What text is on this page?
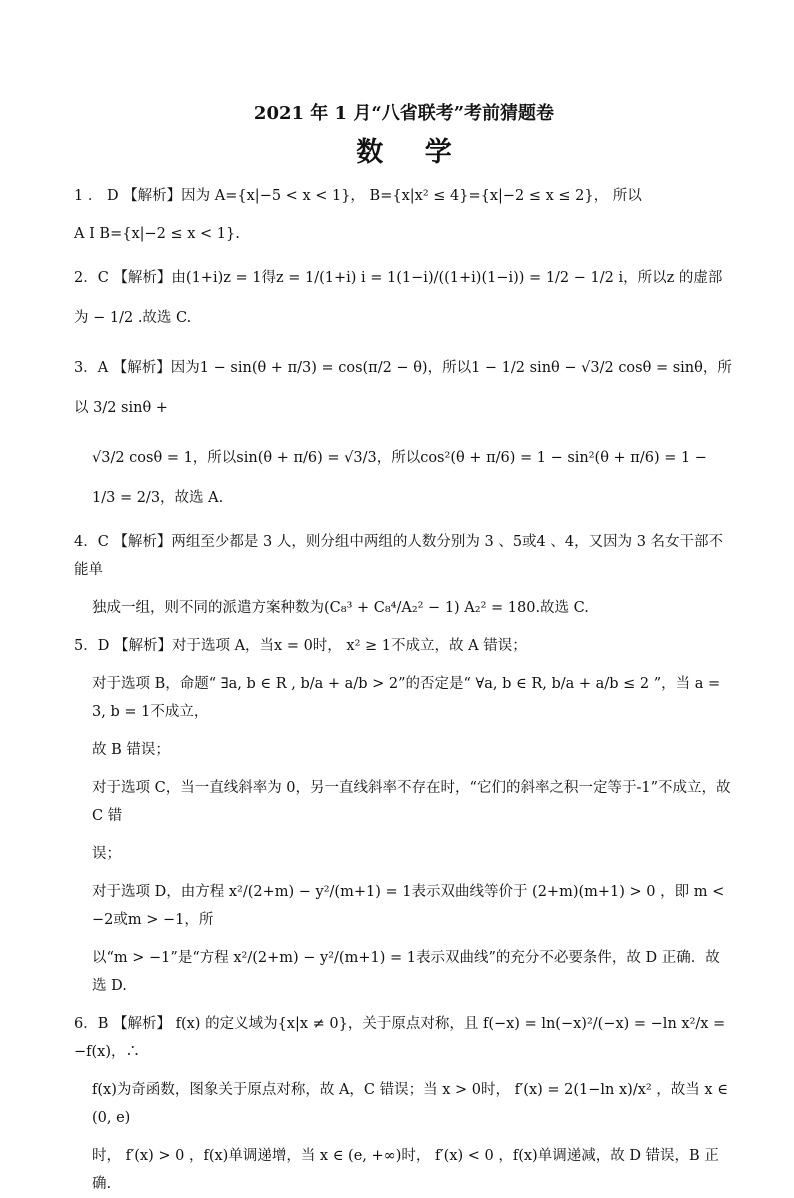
2021 年 1 月“八省联考”考前猜题卷
数 学
1 ． D 【解析】因为 A={x|−5 < x < 1}， B={x|x² ≤ 4}={x|−2 ≤ x ≤ 2}， 所以
A I B={x|−2 ≤ x < 1}.
2．C 【解析】由(1+i)z = 1得z = 1/(1+i) i = 1(1−i)/((1+i)(1−i)) = 1/2 − 1/2 i，所以z 的虚部为 − 1/2 .故选 C.
3．A 【解析】因为1 − sin(θ + π/3) = cos(π/2 − θ)，所以1 − 1/2 sinθ − √3/2 cosθ = sinθ，所以 3/2 sinθ +
√3/2 cosθ = 1，所以sin(θ + π/6) = √3/3，所以cos²(θ + π/6) = 1 − sin²(θ + π/6) = 1 − 1/3 = 2/3，故选 A.
4．C 【解析】两组至少都是 3 人，则分组中两组的人数分别为 3 、5或4 、4，又因为 3 名女干部不能单
独成一组，则不同的派遣方案种数为(C₈³ + C₈⁴/A₂² − 1) A₂² = 180.故选 C.
5．D 【解析】对于选项 A，当x = 0时， x² ≥ 1不成立，故 A 错误；
对于选项 B，命题“ ∃a, b ∈ R , b/a + a/b > 2”的否定是“ ∀a, b ∈ R, b/a + a/b ≤ 2 ”，当 a = 3, b = 1不成立，
故 B 错误；
对于选项 C，当一直线斜率为 0，另一直线斜率不存在时，“它们的斜率之积一定等于-1”不成立，故 C 错
误；
对于选项 D，由方程 x²/(2+m) − y²/(m+1) = 1表示双曲线等价于 (2+m)(m+1) > 0 ，即 m < −2或m > −1，所
以“m > −1”是“方程 x²/(2+m) − y²/(m+1) = 1表示双曲线”的充分不必要条件，故 D 正确．故选 D.
6．B 【解析】 f(x) 的定义域为{x|x ≠ 0}，关于原点对称，且 f(−x) = ln(−x)²/(−x) = −ln x²/x = −f(x)，∴
f(x)为奇函数，图象关于原点对称，故 A，C 错误；当 x > 0时， f′(x) = 2(1−ln x)/x² ，故当 x ∈ (0, e)
时， f′(x) > 0 ，f(x)单调递增，当 x ∈ (e, +∞)时， f′(x) < 0 ，f(x)单调递减，故 D 错误，B 正确.
